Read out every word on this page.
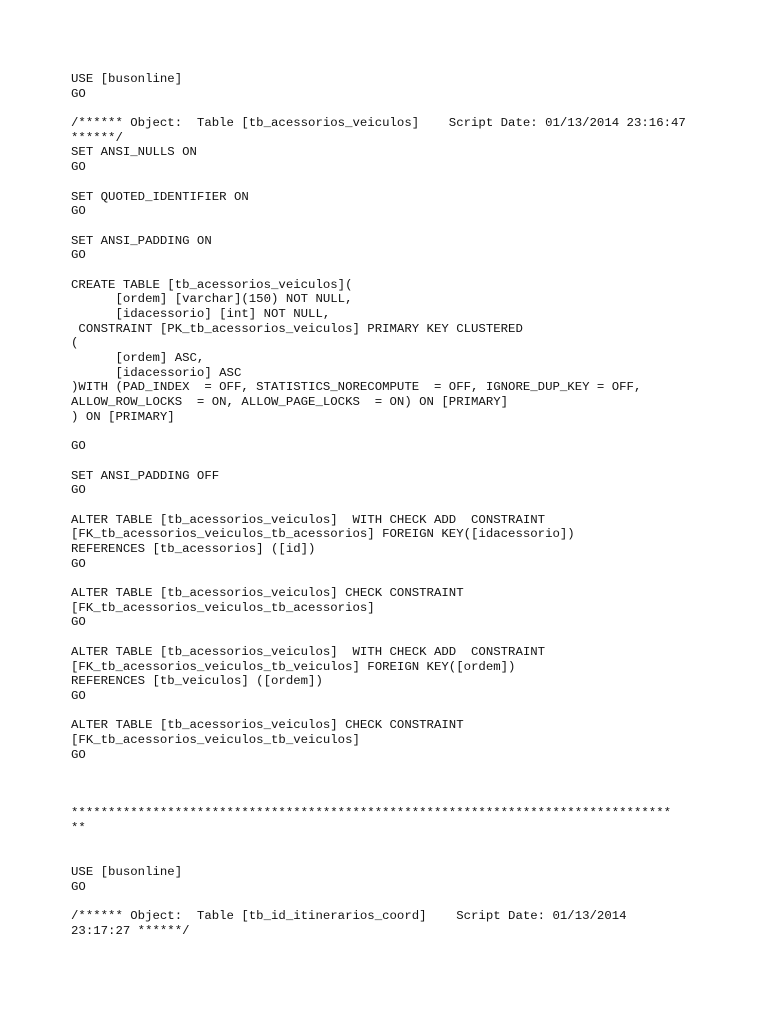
USE [busonline]
GO
/****** Object:  Table [tb_acessorios_veiculos]    Script Date: 01/13/2014 23:16:47
******/
SET ANSI_NULLS ON
GO
SET QUOTED_IDENTIFIER ON
GO
SET ANSI_PADDING ON
GO
CREATE TABLE [tb_acessorios_veiculos](
[ordem] [varchar](150) NOT NULL,
[idacessorio] [int] NOT NULL,
CONSTRAINT [PK_tb_acessorios_veiculos] PRIMARY KEY CLUSTERED
(
[ordem] ASC,
[idacessorio] ASC
)WITH (PAD_INDEX  = OFF, STATISTICS_NORECOMPUTE  = OFF, IGNORE_DUP_KEY = OFF,
ALLOW_ROW_LOCKS  = ON, ALLOW_PAGE_LOCKS  = ON) ON [PRIMARY]
) ON [PRIMARY]
GO
SET ANSI_PADDING OFF
GO
ALTER TABLE [tb_acessorios_veiculos]  WITH CHECK ADD  CONSTRAINT
[FK_tb_acessorios_veiculos_tb_acessorios] FOREIGN KEY([idacessorio])
REFERENCES [tb_acessorios] ([id])
GO
ALTER TABLE [tb_acessorios_veiculos] CHECK CONSTRAINT
[FK_tb_acessorios_veiculos_tb_acessorios]
GO
ALTER TABLE [tb_acessorios_veiculos]  WITH CHECK ADD  CONSTRAINT
[FK_tb_acessorios_veiculos_tb_veiculos] FOREIGN KEY([ordem])
REFERENCES [tb_veiculos] ([ordem])
GO
ALTER TABLE [tb_acessorios_veiculos] CHECK CONSTRAINT
[FK_tb_acessorios_veiculos_tb_veiculos]
GO
*********************************************************************************
**
USE [busonline]
GO
/****** Object:  Table [tb_id_itinerarios_coord]    Script Date: 01/13/2014
23:17:27 ******/
